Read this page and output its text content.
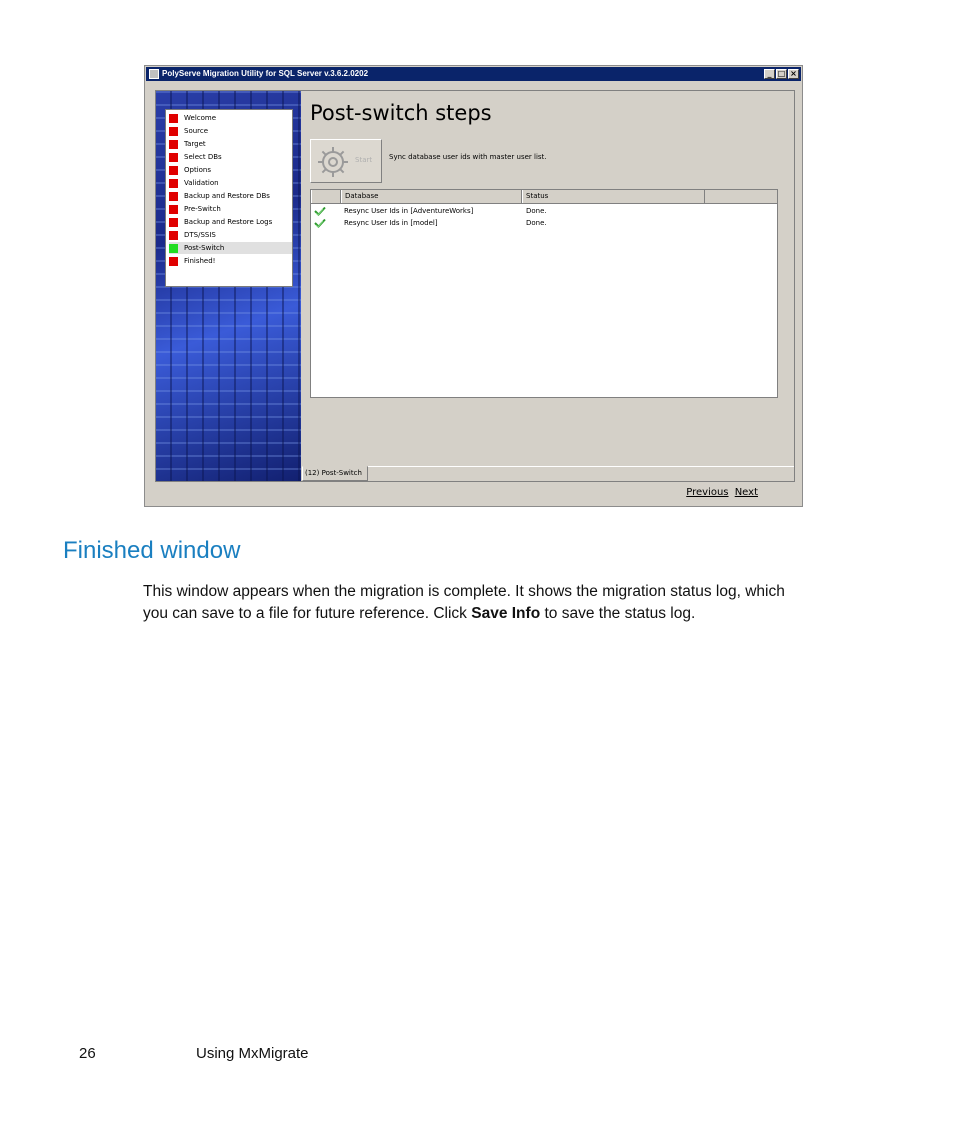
PolyServe Migration Utility for SQL Server v.3.6.2.0202	_ □ ×
Welcome
Source
Target
Select DBs
Options
Validation
Backup and Restore DBs
Pre-Switch
Backup and Restore Logs
DTS/SSIS
Post-Switch
Finished!
Post-switch steps
Start Sync database user ids with master user list.
Database	Status
Resync User Ids in [AdventureWorks]	Done.
Resync User Ids in [model]	Done.
(12) Post-Switch
Previous Next
Finished window
This window appears when the migration is complete. It shows the migration status log, which you can save to a file for future reference. Click Save Info to save the status log.
26	Using MxMigrate
